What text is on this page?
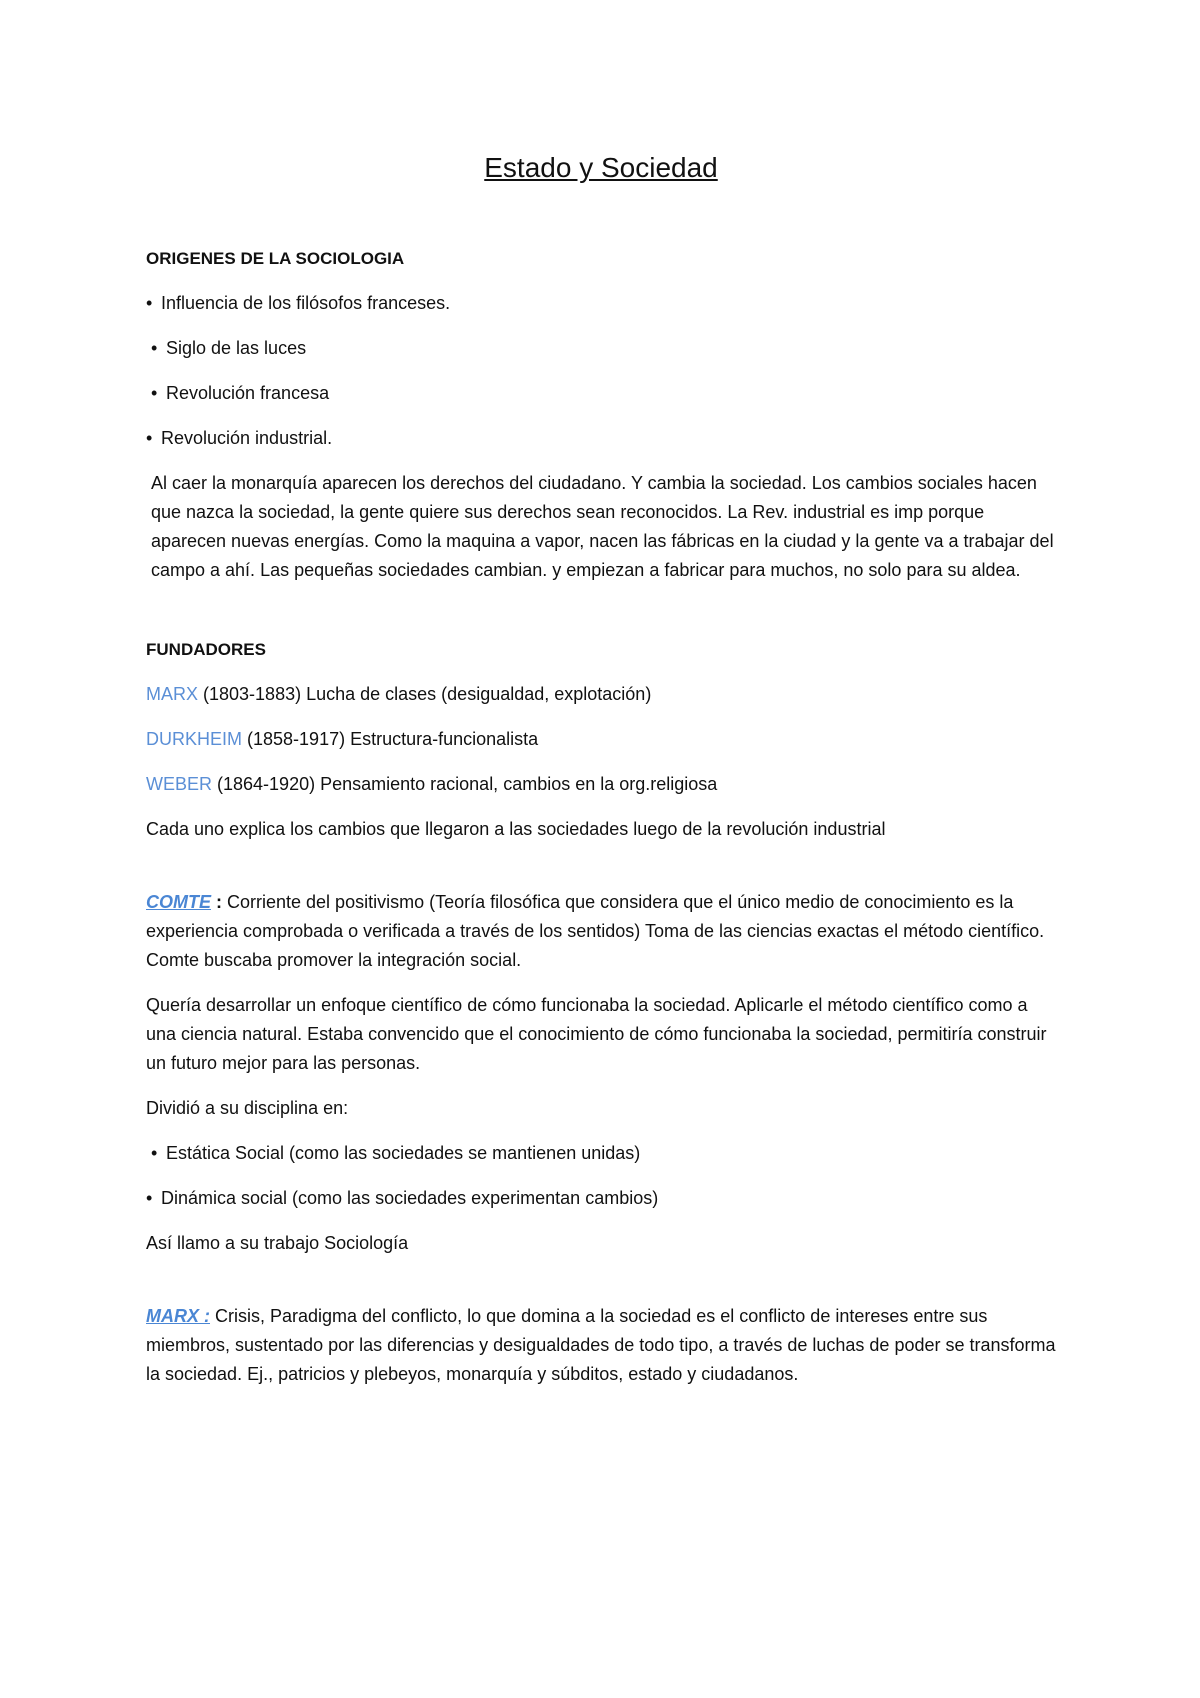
Estado y Sociedad
ORIGENES DE LA SOCIOLOGIA
• Influencia de los filósofos franceses.
• Siglo de las luces
• Revolución francesa
• Revolución industrial.

Al caer la monarquía aparecen los derechos del ciudadano. Y cambia la sociedad. Los cambios sociales hacen que nazca la sociedad, la gente quiere sus derechos sean reconocidos. La Rev. industrial es imp porque aparecen nuevas energías. Como la maquina a vapor, nacen las fábricas en la ciudad y la gente va a trabajar del campo a ahí. Las pequeñas sociedades cambian. y empiezan a fabricar para muchos, no solo para su aldea.

FUNDADORES

MARX (1803-1883) Lucha de clases (desigualdad, explotación)

DURKHEIM (1858-1917) Estructura-funcionalista

WEBER (1864-1920) Pensamiento racional, cambios en la org.religiosa

Cada uno explica los cambios que llegaron a las sociedades luego de la revolución industrial

COMTE : Corriente del positivismo (Teoría filosófica que considera que el único medio de conocimiento es la experiencia comprobada o verificada a través de los sentidos) Toma de las ciencias exactas el método científico. Comte buscaba promover la integración social.

Quería desarrollar un enfoque científico de cómo funcionaba la sociedad. Aplicarle el método científico como a una ciencia natural. Estaba convencido que el conocimiento de cómo funcionaba la sociedad, permitiría construir un futuro mejor para las personas.

Dividió a su disciplina en:

• Estática Social (como las sociedades se mantienen unidas)
• Dinámica social (como las sociedades experimentan cambios)

Así llamo a su trabajo Sociología

MARX : Crisis, Paradigma del conflicto, lo que domina a la sociedad es el conflicto de intereses entre sus miembros, sustentado por las diferencias y desigualdades de todo tipo, a través de luchas de poder se transforma la sociedad. Ej., patricios y plebeyos, monarquía y súbditos, estado y ciudadanos.
